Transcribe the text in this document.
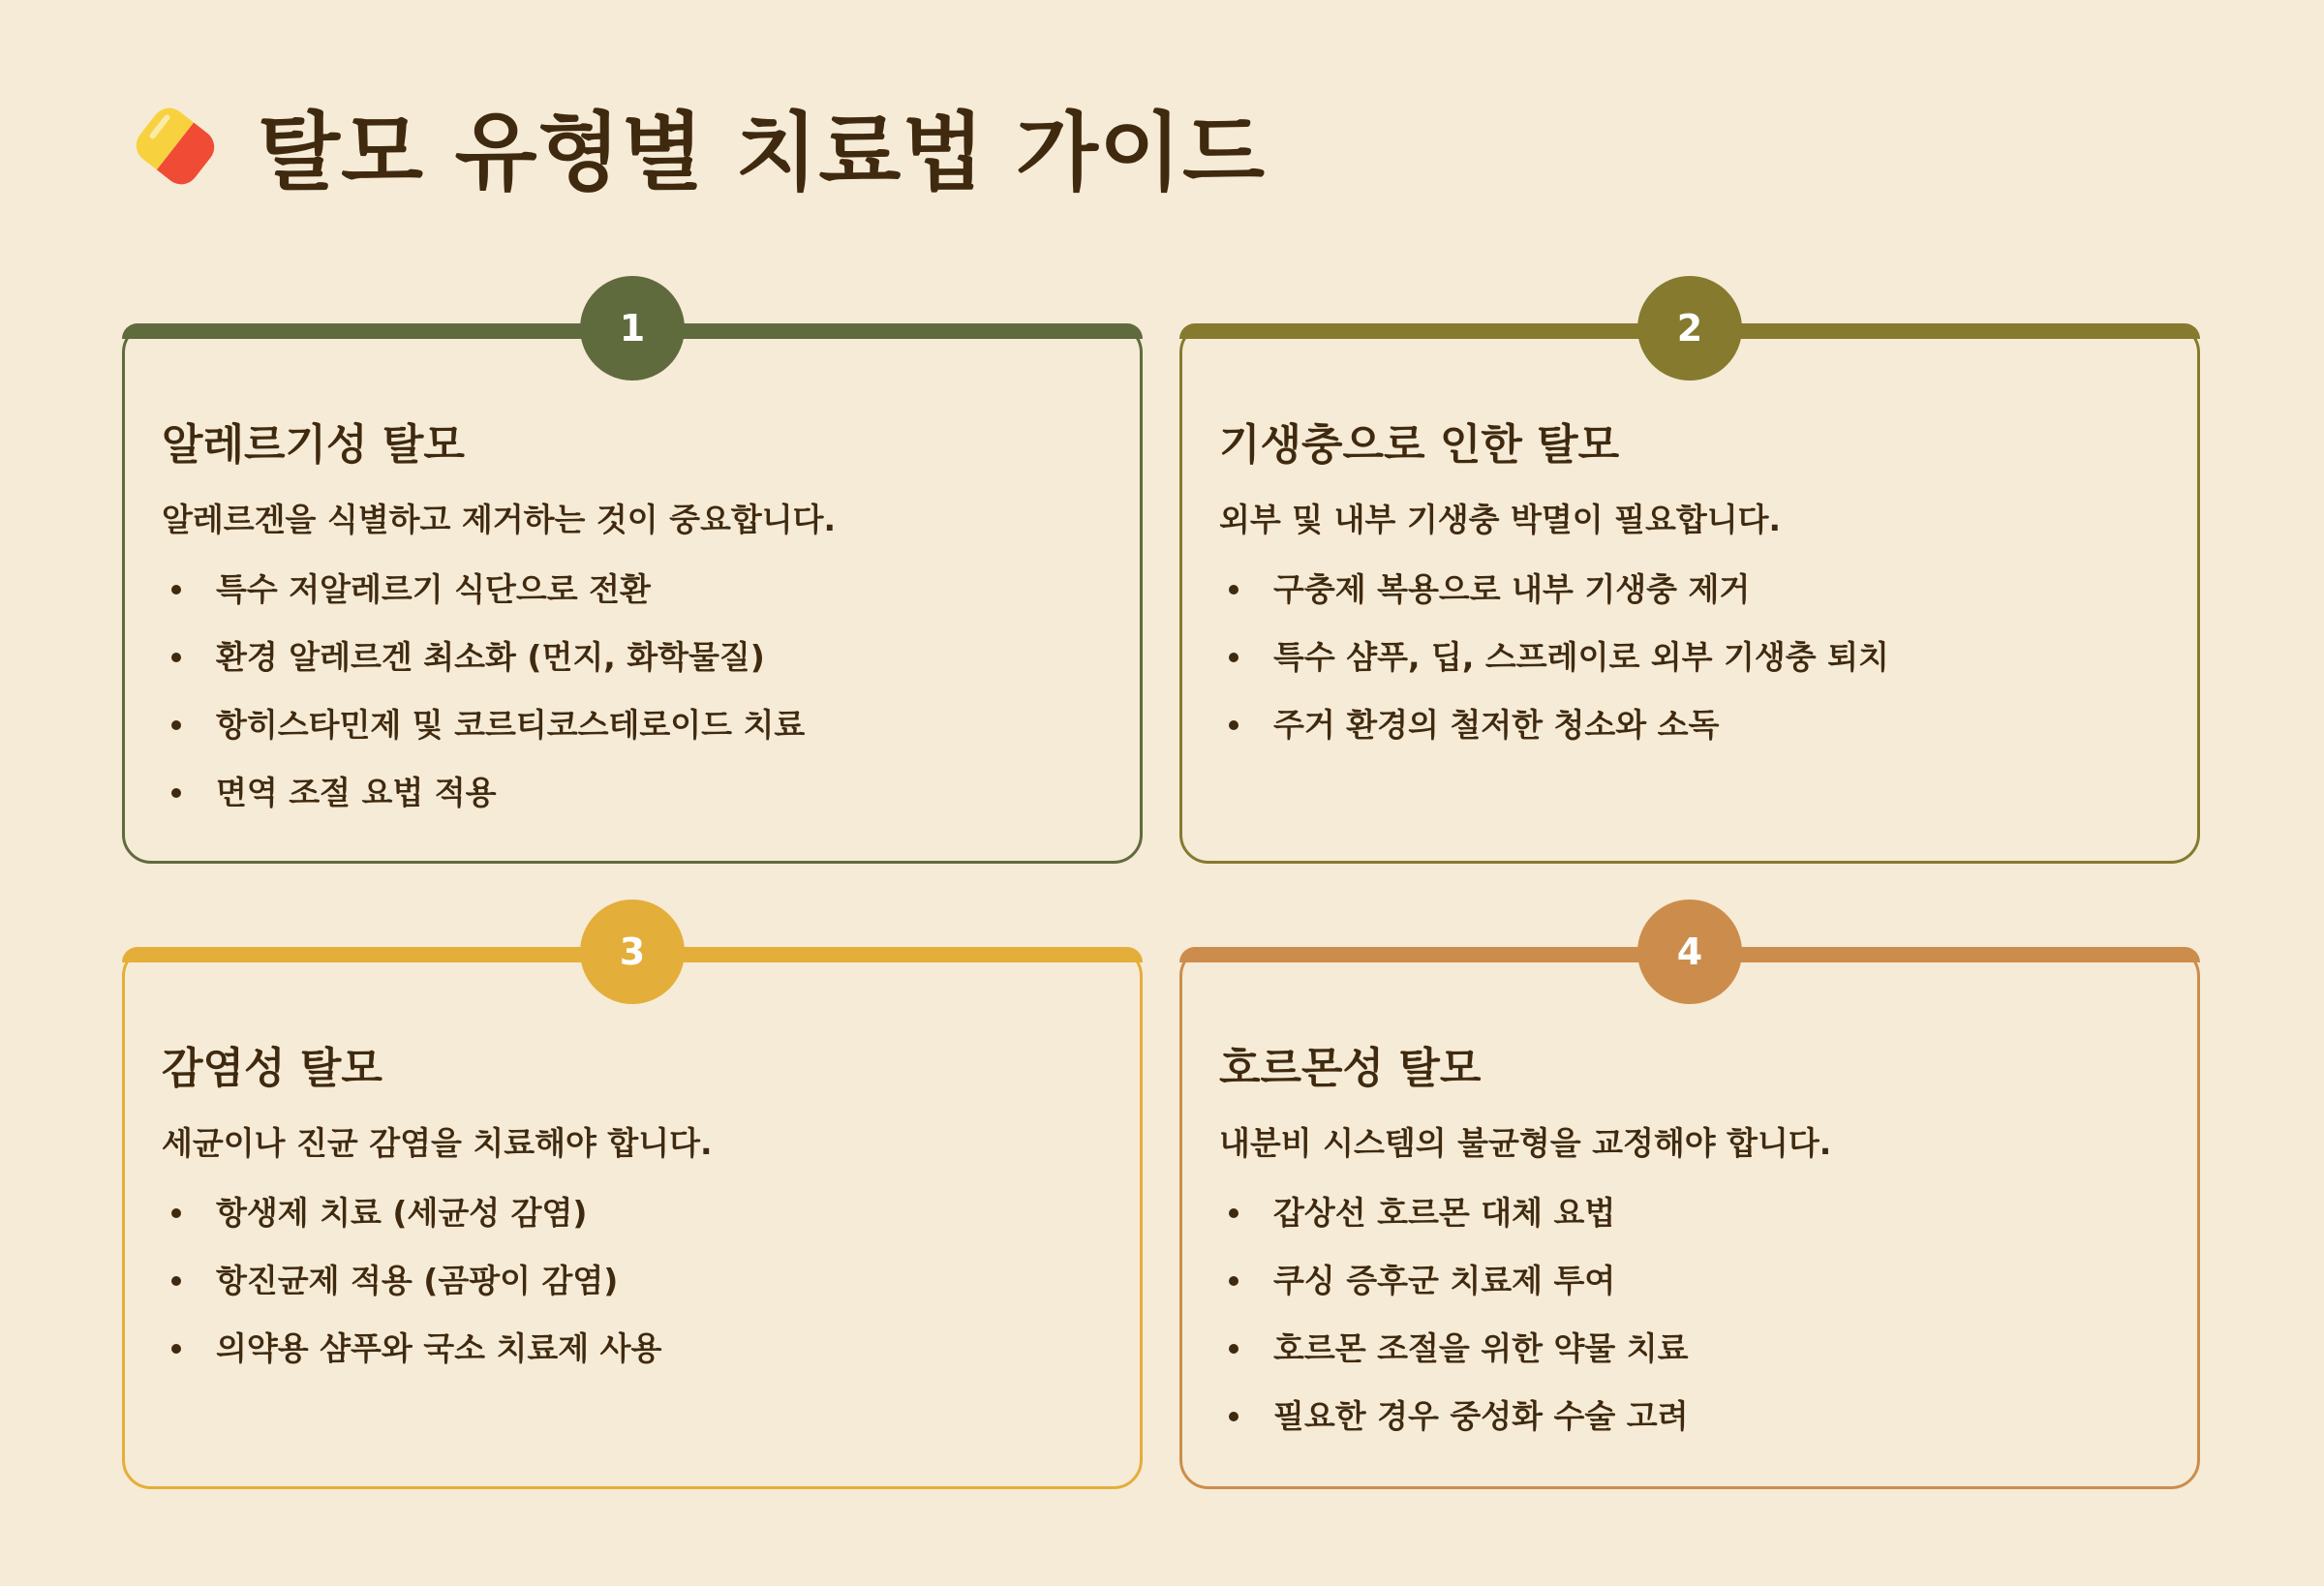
탈모 유형별 치료법 가이드
1
알레르기성 탈모

알레르겐을 식별하고 제거하는 것이 중요합니다.

특수 저알레르기 식단으로 전환
환경 알레르겐 최소화 (먼지, 화학물질)
항히스타민제 및 코르티코스테로이드 치료
면역 조절 요법 적용
2
기생충으로 인한 탈모

외부 및 내부 기생충 박멸이 필요합니다.

구충제 복용으로 내부 기생충 제거
특수 샴푸, 딥, 스프레이로 외부 기생충 퇴치
주거 환경의 철저한 청소와 소독
3
감염성 탈모

세균이나 진균 감염을 치료해야 합니다.

항생제 치료 (세균성 감염)
항진균제 적용 (곰팡이 감염)
의약용 샴푸와 국소 치료제 사용
4
호르몬성 탈모

내분비 시스템의 불균형을 교정해야 합니다.

갑상선 호르몬 대체 요법
쿠싱 증후군 치료제 투여
호르몬 조절을 위한 약물 치료
필요한 경우 중성화 수술 고려
